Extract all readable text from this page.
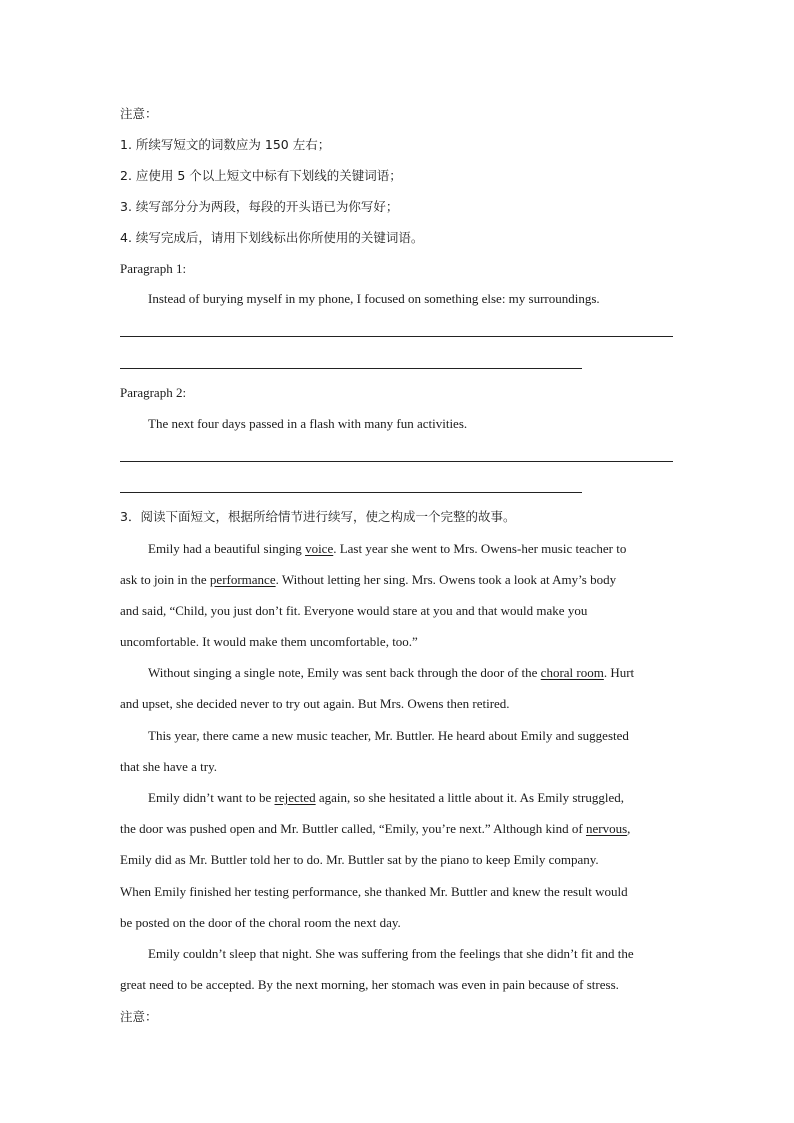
注意：
1. 所续写短文的词数应为 150 左右；
2. 应使用 5 个以上短文中标有下划线的关键词语；
3. 续写部分分为两段，每段的开头语已为你写好；
4. 续写完成后，请用下划线标出你所使用的关键词语。
Paragraph 1:
Instead of burying myself in my phone, I focused on something else: my surroundings.
Paragraph 2:
The next four days passed in a flash with many fun activities.
3．阅读下面短文，根据所给情节进行续写，使之构成一个完整的故事。
Emily had a beautiful singing voice. Last year she went to Mrs. Owens-her music teacher to
ask to join in the performance. Without letting her sing. Mrs. Owens took a look at Amy’s body
and said, “Child, you just don’t fit. Everyone would stare at you and that would make you
uncomfortable. It would make them uncomfortable, too.”
Without singing a single note, Emily was sent back through the door of the choral room. Hurt
and upset, she decided never to try out again. But Mrs. Owens then retired.
This year, there came a new music teacher, Mr. Buttler. He heard about Emily and suggested
that she have a try.
Emily didn’t want to be rejected again, so she hesitated a little about it. As Emily struggled,
the door was pushed open and Mr. Buttler called, “Emily, you’re next.” Although kind of nervous,
Emily did as Mr. Buttler told her to do. Mr. Buttler sat by the piano to keep Emily company.
When Emily finished her testing performance, she thanked Mr. Buttler and knew the result would
be posted on the door of the choral room the next day.
Emily couldn’t sleep that night. She was suffering from the feelings that she didn’t fit and the
great need to be accepted. By the next morning, her stomach was even in pain because of stress.
注意：
